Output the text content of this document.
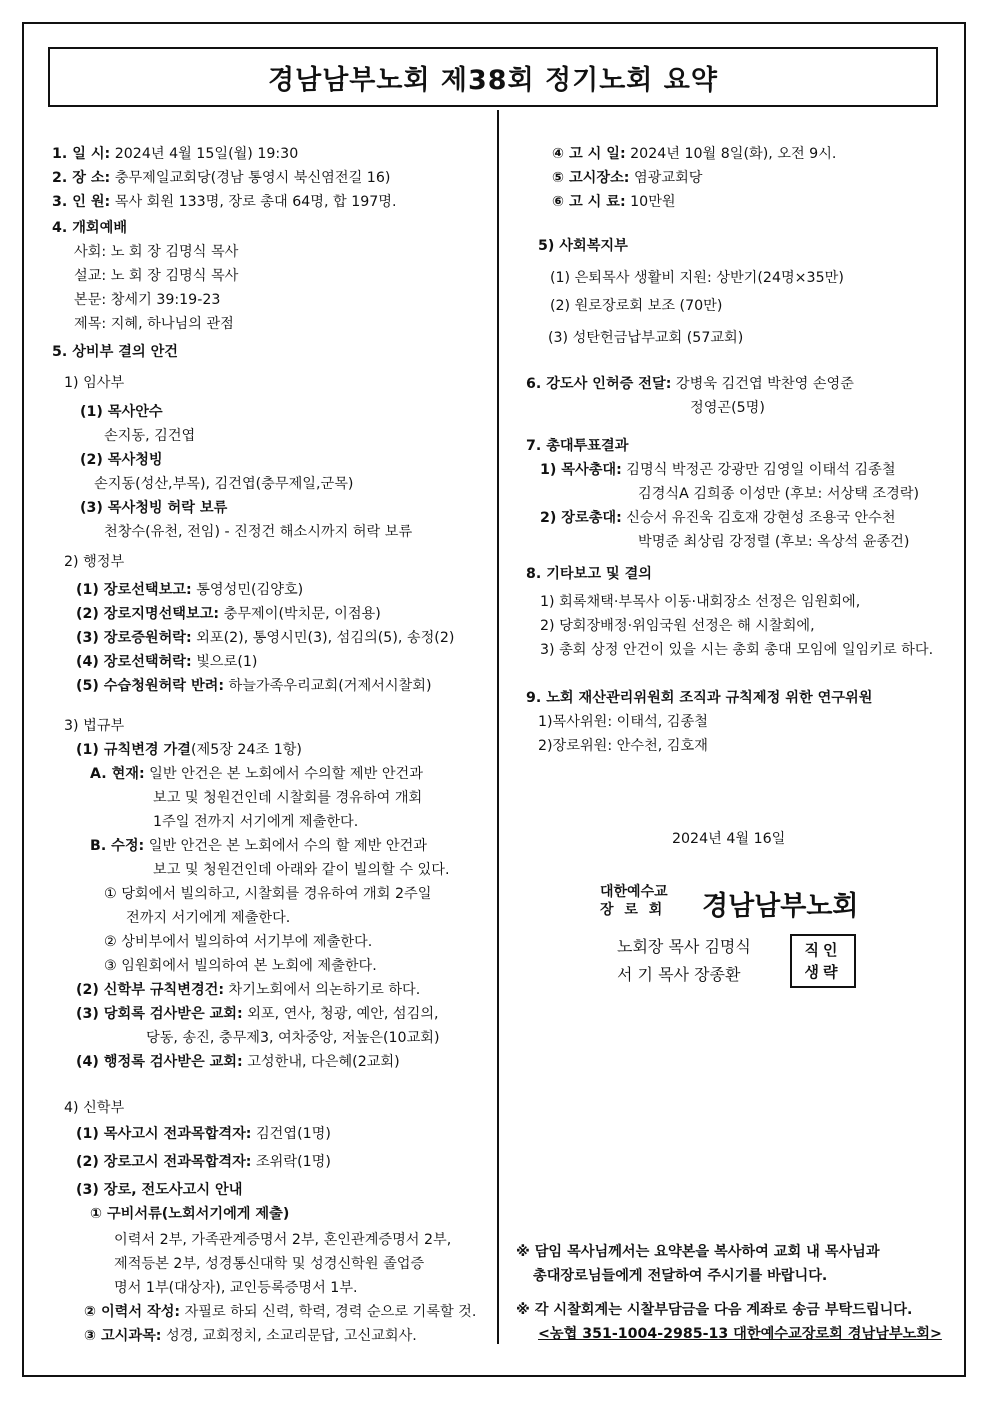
경남남부노회 제38회 정기노회 요약
1. 일 시: 2024년 4월 15일(월) 19:30
2. 장 소: 충무제일교회당(경남 통영시 북신염전길 16)
3. 인 원: 목사 회원 133명, 장로 총대 64명, 합 197명.
4. 개회예배
사회: 노 회 장 김명식 목사
설교: 노 회 장 김명식 목사
본문: 창세기 39:19-23
제목: 지혜, 하나님의 관점
5. 상비부 결의 안건
1) 임사부
(1) 목사안수
손지동, 김건엽
(2) 목사청빙
손지동(성산,부목), 김건엽(충무제일,군목)
(3) 목사청빙 허락 보류
천창수(유천, 전임) - 진정건 해소시까지 허락 보류
2) 행정부
(1) 장로선택보고: 통영성민(김양호)
(2) 장로지명선택보고: 충무제이(박치문, 이점용)
(3) 장로증원허락: 외포(2), 통영시민(3), 섬김의(5), 송정(2)
(4) 장로선택허락: 빛으로(1)
(5) 수습청원허락 반려: 하늘가족우리교회(거제서시찰회)
3) 법규부
(1) 규칙변경 가결(제5장 24조 1항)
A. 현재: 일반 안건은 본 노회에서 수의할 제반 안건과
보고 및 청원건인데 시찰회를 경유하여 개회
1주일 전까지 서기에게 제출한다.
B. 수정: 일반 안건은 본 노회에서 수의 할 제반 안건과
보고 및 청원건인데 아래와 같이 빌의할 수 있다.
① 당회에서 빌의하고, 시찰회를 경유하여 개회 2주일
전까지 서기에게 제출한다.
② 상비부에서 빌의하여 서기부에 제출한다.
③ 임원회에서 빌의하여 본 노회에 제출한다.
(2) 신학부 규칙변경건: 차기노회에서 의논하기로 하다.
(3) 당회록 검사받은 교회: 외포, 연사, 청광, 예안, 섬김의,
당동, 송진, 충무제3, 여차중앙, 저높은(10교회)
(4) 행정록 검사받은 교회: 고성한내, 다은혜(2교회)
4) 신학부
(1) 목사고시 전과목합격자: 김건엽(1명)
(2) 장로고시 전과목합격자: 조위락(1명)
(3) 장로, 전도사고시 안내
① 구비서류(노회서기에게 제출)
이력서 2부, 가족관계증명서 2부, 혼인관계증명서 2부,
제적등본 2부, 성경통신대학 및 성경신학원 졸업증
명서 1부(대상자), 교인등록증명서 1부.
② 이력서 작성: 자필로 하되 신력, 학력, 경력 순으로 기록할 것.
③ 고시과목: 성경, 교회정치, 소교리문답, 고신교회사.
④ 고 시 일: 2024년 10월 8일(화), 오전 9시.
⑤ 고시장소: 염광교회당
⑥ 고 시 료: 10만원
5) 사회복지부
(1) 은퇴목사 생활비 지원: 상반기(24명×35만)
(2) 원로장로회 보조 (70만)
(3) 성탄헌금납부교회 (57교회)
6. 강도사 인허증 전달: 강병욱 김건엽 박찬영 손영준
정영곤(5명)
7. 총대투표결과
1) 목사총대: 김명식 박정곤 강광만 김영일 이태석 김종철
김경식A 김희종 이성만 (후보: 서상택 조경락)
2) 장로총대: 신승서 유진욱 김호재 강현성 조용국 안수천
박명준 최상림 강정렬 (후보: 옥상석 윤종건)
8. 기타보고 및 결의
1) 회록채택·부목사 이동·내회장소 선정은 임원회에,
2) 당회장배정·위임국원 선정은 해 시찰회에,
3) 총회 상정 안건이 있을 시는 총회 총대 모임에 일임키로 하다.
9. 노회 재산관리위원회 조직과 규칙제정 위한 연구위원
1)목사위원: 이태석, 김종철
2)장로위원: 안수천, 김호재
2024년 4월 16일
대한예수교
장 로 회 경남남부노회
노회장 목사 김명식
서 기 목사 장종환
직인
생략
※ 담임 목사님께서는 요약본을 복사하여 교회 내 목사님과
총대장로님들에게 전달하여 주시기를 바랍니다.
※ 각 시찰회계는 시찰부담금을 다음 계좌로 송금 부탁드립니다.
<농협 351-1004-2985-13 대한예수교장로회 경남남부노회>
